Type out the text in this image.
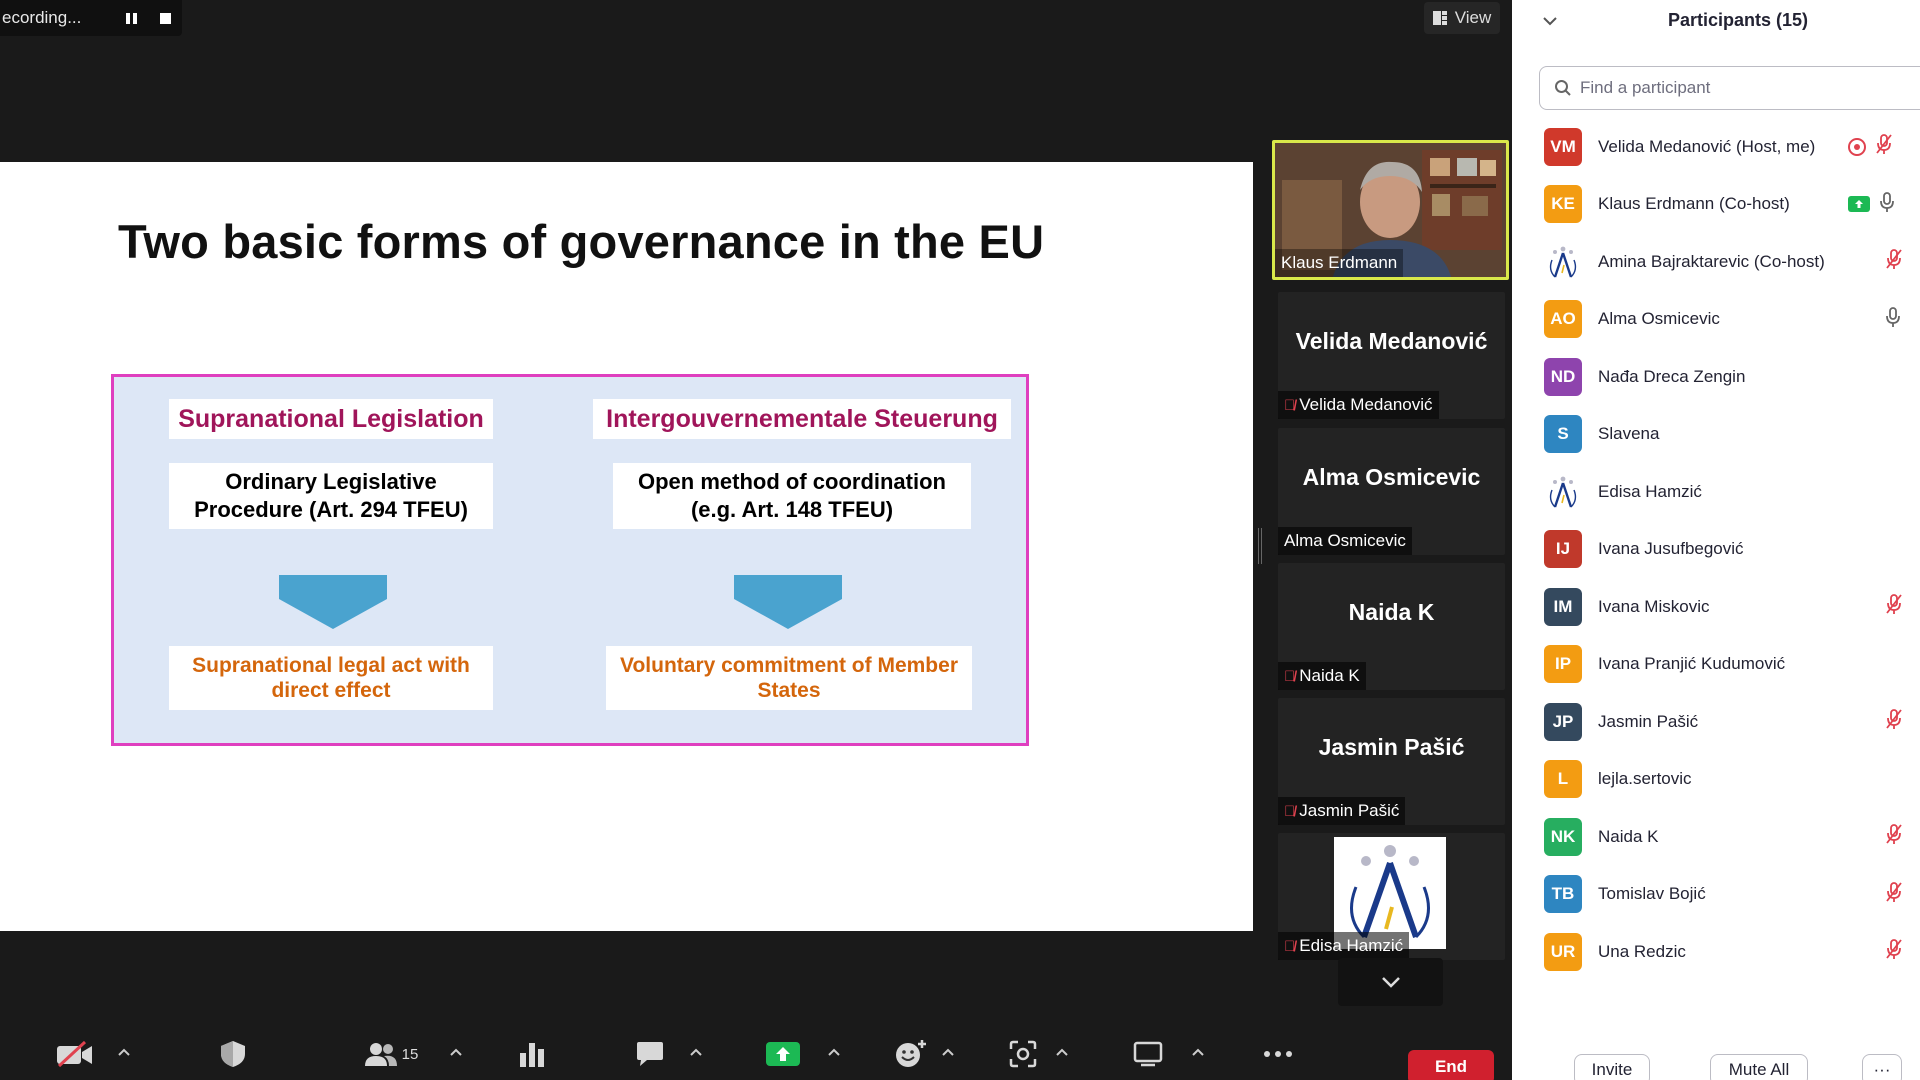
ecording...	View
Two basic forms of governance in the EU
Supranational Legislation
Ordinary Legislative
Procedure (Art. 294 TFEU)
Supranational legal act with
direct effect
Intergouvernementale Steuerung
Open method of coordination
(e.g. Art. 148 TFEU)
Voluntary commitment of Member
States
Klaus Erdmann
Velida Medanović
🎙̸ Velida Medanović
Alma Osmicevic
Alma Osmicevic
Naida K
🎙̸ Naida K
Jasmin Pašić
🎙̸ Jasmin Pašić
🎙̸ Edisa Hamzić
Participants (15)
Find a participant
VM	Velida Medanović (Host, me)
KE	Klaus Erdmann (Co-host)
Amina Bajraktarevic (Co-host)
AO	Alma Osmicevic
ND	Nađa Dreca Zengin
S	Slavena
Edisa Hamzić
IJ	Ivana Jusufbegović
IM	Ivana Miskovic
IP	Ivana Pranjić Kudumović
JP	Jasmin Pašić
L	lejla.sertovic
NK	Naida K
TB	Tomislav Bojić
UR	Una Redzic
Invite	Mute All	···
15
End
